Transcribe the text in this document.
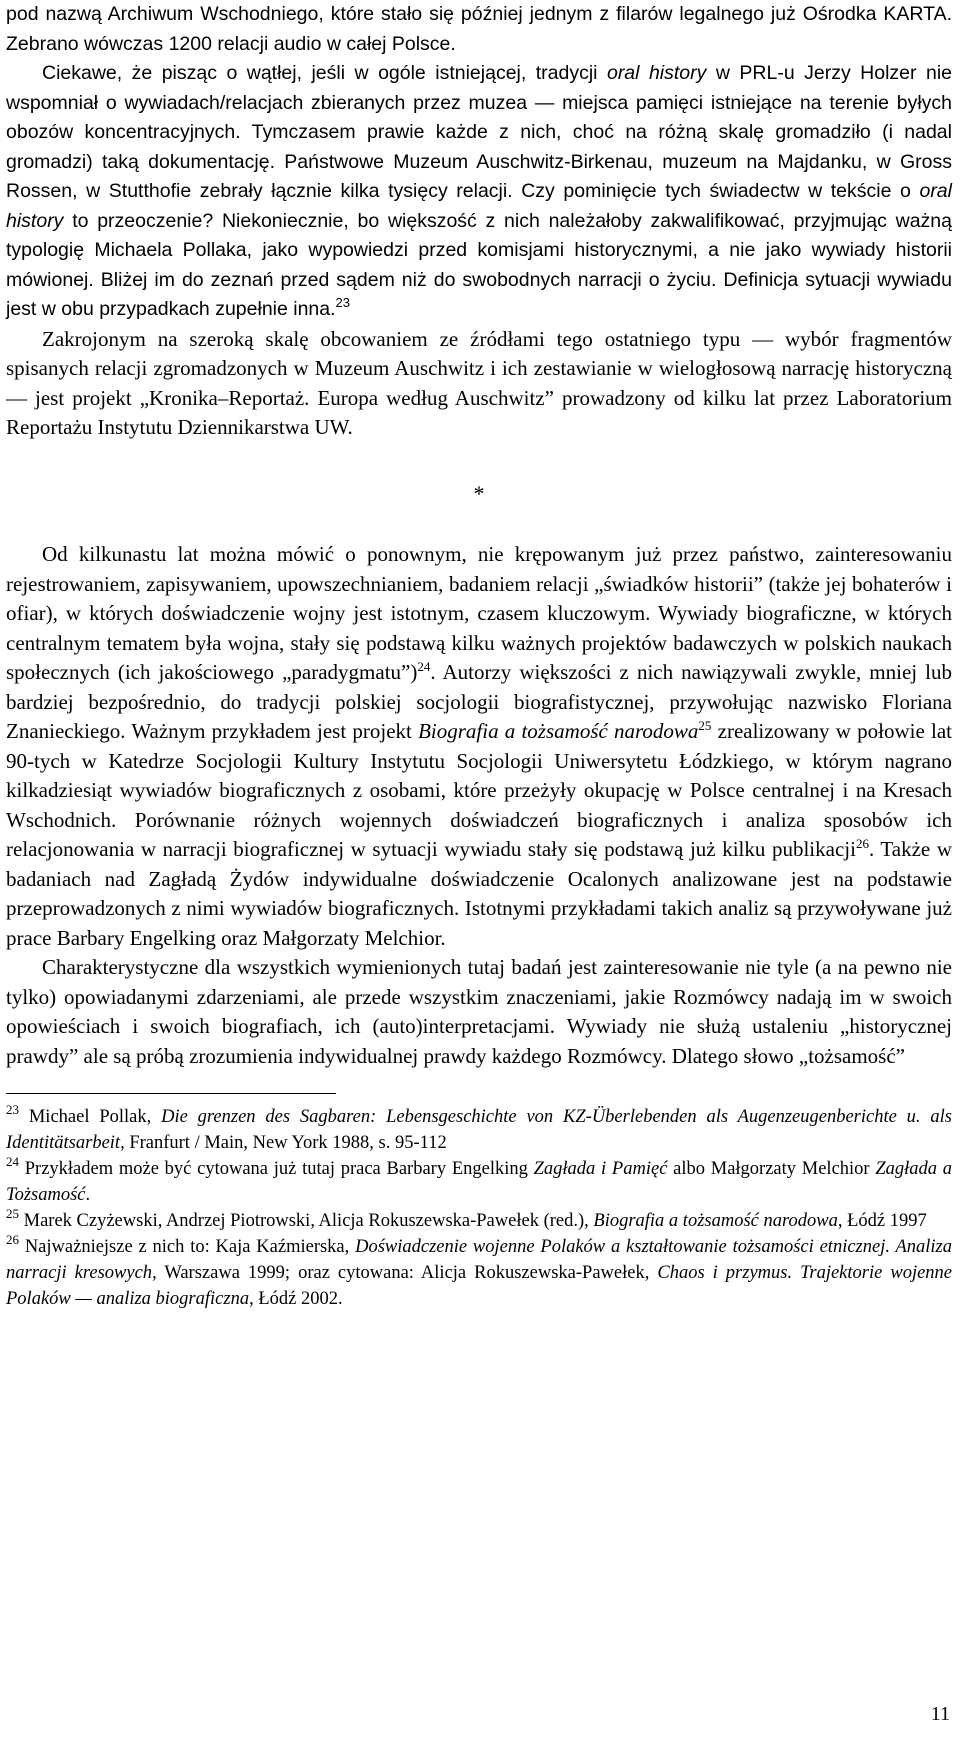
pod nazwą Archiwum Wschodniego, które stało się później jednym z filarów legalnego już Ośrodka KARTA. Zebrano wówczas 1200 relacji audio w całej Polsce.

Ciekawe, że pisząc o wątłej, jeśli w ogóle istniejącej, tradycji oral history w PRL-u Jerzy Holzer nie wspomniał o wywiadach/relacjach zbieranych przez muzea — miejsca pamięci istniejące na terenie byłych obozów koncentracyjnych. Tymczasem prawie każde z nich, choć na różną skalę gromadziło (i nadal gromadzi) taką dokumentację. Państwowe Muzeum Auschwitz-Birkenau, muzeum na Majdanku, w Gross Rossen, w Stutthofie zebrały łącznie kilka tysięcy relacji. Czy pominięcie tych świadectw w tekście o oral history to przeoczenie? Niekoniecznie, bo większość z nich należałoby zakwalifikować, przyjmując ważną typologię Michaela Pollaka, jako wypowiedzi przed komisjami historycznymi, a nie jako wywiady historii mówionej. Bliżej im do zeznań przed sądem niż do swobodnych narracji o życiu. Definicja sytuacji wywiadu jest w obu przypadkach zupełnie inna.$^{23}$

Zakrojonym na szeroką skalę obcowaniem ze źródłami tego ostatniego typu — wybór fragmentów spisanych relacji zgromadzonych w Muzeum Auschwitz i ich zestawianie w wielogłosową narrację historyczną — jest projekt „Kronika–Reportaż. Europa według Auschwitz” prowadzony od kilku lat przez Laboratorium Reportażu Instytutu Dziennikarstwa UW.

*

Od kilkunastu lat można mówić o ponownym, nie krępowanym już przez państwo, zainteresowaniu rejestrowaniem, zapisywaniem, upowszechnianiem, badaniem relacji „świadków historii” (także jej bohaterów i ofiar), w których doświadczenie wojny jest istotnym, czasem kluczowym. Wywiady biograficzne, w których centralnym tematem była wojna, stały się podstawą kilku ważnych projektów badawczych w polskich naukach społecznych (ich jakościowego „paradygmatu”)$^{24}$. Autorzy większości z nich nawiązywali zwykle, mniej lub bardziej bezpośrednio, do tradycji polskiej socjologii biografistycznej, przywołując nazwisko Floriana Znanieckiego. Ważnym przykładem jest projekt Biografia a tożsamość narodowa$^{25}$ zrealizowany w połowie lat 90-tych w Katedrze Socjologii Kultury Instytutu Socjologii Uniwersytetu Łódzkiego, w którym nagrano kilkadziesiąt wywiadów biograficznych z osobami, które przeżyły okupację w Polsce centralnej i na Kresach Wschodnich. Porównanie różnych wojennych doświadczeń biograficznych i analiza sposobów ich relacjonowania w narracji biograficznej w sytuacji wywiadu stały się podstawą już kilku publikacji$^{26}$. Także w badaniach nad Zagładą Żydów indywidualne doświadczenie Ocalonych analizowane jest na podstawie przeprowadzonych z nimi wywiadów biograficznych. Istotnymi przykładami takich analiz są przywoływane już prace Barbary Engelking oraz Małgorzaty Melchior.

Charakterystyczne dla wszystkich wymienionych tutaj badań jest zainteresowanie nie tyle (a na pewno nie tylko) opowiadanymi zdarzeniami, ale przede wszystkim znaczeniami, jakie Rozmówcy nadają im w swoich opowieściach i swoich biografiach, ich (auto)interpretacjami. Wywiady nie służą ustaleniu „historycznej prawdy” ale są próbą zrozumienia indywidualnej prawdy każdego Rozmówcy. Dlatego słowo „tożsamość”

$^{23}$ Michael Pollak, Die grenzen des Sagbaren: Lebensgeschichte von KZ-Überlebenden als Augenzeugenberichte u. als Identitätsarbeit, Franfurt / Main, New York 1988, s. 95-112

$^{24}$ Przykładem może być cytowana już tutaj praca Barbary Engelking Zagłada i Pamięć albo Małgorzaty Melchior Zagłada a Tożsamość.

$^{25}$ Marek Czyżewski, Andrzej Piotrowski, Alicja Rokuszewska-Pawełek (red.), Biografia a tożsamość narodowa, Łódź 1997

$^{26}$ Najważniejsze z nich to: Kaja Kaźmierska, Doświadczenie wojenne Polaków a kształtowanie tożsamości etnicznej. Analiza narracji kresowych, Warszawa 1999; oraz cytowana: Alicja Rokuszewska-Pawełek, Chaos i przymus. Trajektorie wojenne Polaków — analiza biograficzna, Łódź 2002.

11
